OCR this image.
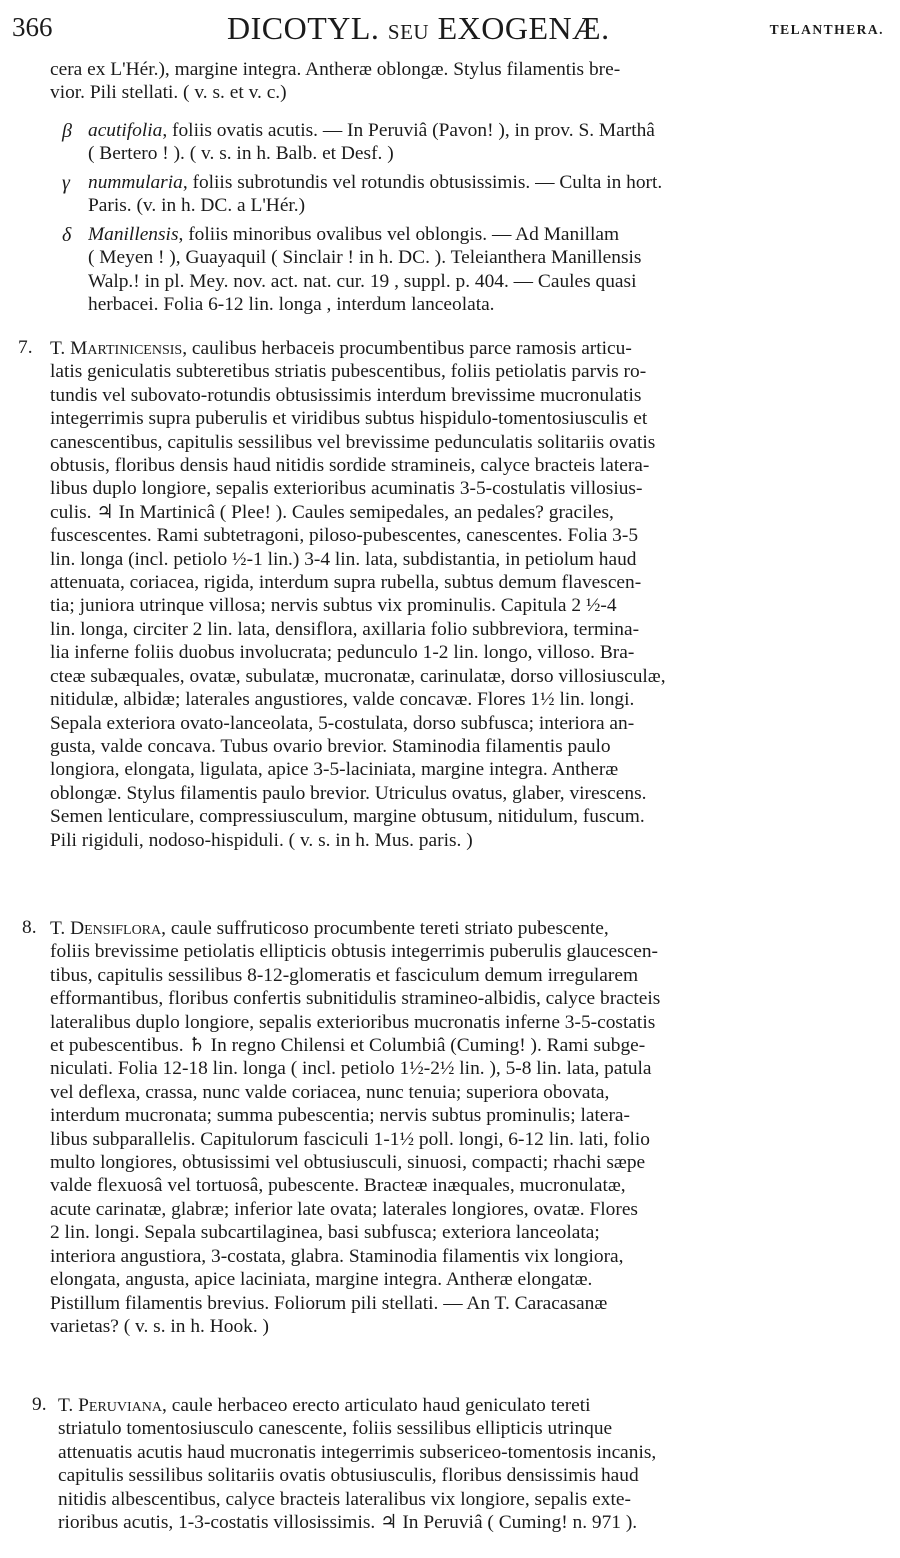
366	DICOTYL. SEU EXOGENÆ.	TELANTHERA.
cera ex L'Hér.), margine integra. Antheræ oblongæ. Stylus filamentis bre-
vior. Pili stellati. ( v. s. et v. c.)
β acutifolia, foliis ovatis acutis. — In Peruviâ (Pavon! ), in prov. S. Marthâ
( Bertero ! ). ( v. s. in h. Balb. et Desf. )
γ nummularia, foliis subrotundis vel rotundis obtusissimis. — Culta in hort.
Paris. (v. in h. DC. a L'Hér.)
δ Manillensis, foliis minoribus ovalibus vel oblongis. — Ad Manillam
( Meyen ! ), Guayaquil ( Sinclair ! in h. DC. ). Teleianthera Manillensis
Walp.! in pl. Mey. nov. act. nat. cur. 19 , suppl. p. 404. — Caules quasi
herbacei. Folia 6-12 lin. longa , interdum lanceolata.
7. T. Martinicensis, caulibus herbaceis procumbentibus parce ramosis articu-
latis geniculatis subteretibus striatis pubescentibus, foliis petiolatis parvis ro-
tundis vel subovato-rotundis obtusissimis interdum brevissime mucronulatis
integerrimis supra puberulis et viridibus subtus hispidulo-tomentosiusculis et
canescentibus, capitulis sessilibus vel brevissime pedunculatis solitariis ovatis
obtusis, floribus densis haud nitidis sordide stramineis, calyce bracteis latera-
libus duplo longiore, sepalis exterioribus acuminatis 3-5-costulatis villosius-
culis. ♃ In Martinicâ ( Plee! ). Caules semipedales, an pedales? graciles,
fuscescentes. Rami subtetragoni, piloso-pubescentes, canescentes. Folia 3-5
lin. longa (incl. petiolo ½-1 lin.) 3-4 lin. lata, subdistantia, in petiolum haud
attenuata, coriacea, rigida, interdum supra rubella, subtus demum flavescen-
tia; juniora utrinque villosa; nervis subtus vix prominulis. Capitula 2 ½-4
lin. longa, circiter 2 lin. lata, densiflora, axillaria folio subbreviora, termina-
lia inferne foliis duobus involucrata; pedunculo 1-2 lin. longo, villoso. Bra-
cteæ subæquales, ovatæ, subulatæ, mucronatæ, carinulatæ, dorso villosiusculæ,
nitidulæ, albidæ; laterales angustiores, valde concavæ. Flores 1½ lin. longi.
Sepala exteriora ovato-lanceolata, 5-costulata, dorso subfusca; interiora an-
gusta, valde concava. Tubus ovario brevior. Staminodia filamentis paulo
longiora, elongata, ligulata, apice 3-5-laciniata, margine integra. Antheræ
oblongæ. Stylus filamentis paulo brevior. Utriculus ovatus, glaber, virescens.
Semen lenticulare, compressiusculum, margine obtusum, nitidulum, fuscum.
Pili rigiduli, nodoso-hispiduli. ( v. s. in h. Mus. paris. )
8. T. Densiflora, caule suffruticoso procumbente tereti striato pubescente,
foliis brevissime petiolatis ellipticis obtusis integerrimis puberulis glaucescen-
tibus, capitulis sessilibus 8-12-glomeratis et fasciculum demum irregularem
efformantibus, floribus confertis subnitidulis stramineo-albidis, calyce bracteis
lateralibus duplo longiore, sepalis exterioribus mucronatis inferne 3-5-costatis
et pubescentibus. ♄ In regno Chilensi et Columbiâ (Cuming! ). Rami subge-
niculati. Folia 12-18 lin. longa ( incl. petiolo 1½-2½ lin. ), 5-8 lin. lata, patula
vel deflexa, crassa, nunc valde coriacea, nunc tenuia; superiora obovata,
interdum mucronata; summa pubescentia; nervis subtus prominulis; latera-
libus subparallelis. Capitulorum fasciculi 1-1½ poll. longi, 6-12 lin. lati, folio
multo longiores, obtusissimi vel obtusiusculi, sinuosi, compacti; rhachi sæpe
valde flexuosâ vel tortuosâ, pubescente. Bracteæ inæquales, mucronulatæ,
acute carinatæ, glabræ; inferior late ovata; laterales longiores, ovatæ. Flores
2 lin. longi. Sepala subcartilaginea, basi subfusca; exteriora lanceolata;
interiora angustiora, 3-costata, glabra. Staminodia filamentis vix longiora,
elongata, angusta, apice laciniata, margine integra. Antheræ elongatæ.
Pistillum filamentis brevius. Foliorum pili stellati. — An T. Caracasanæ
varietas? ( v. s. in h. Hook. )
9. T. Peruviana, caule herbaceo erecto articulato haud geniculato tereti
striatulo tomentosiusculo canescente, foliis sessilibus ellipticis utrinque
attenuatis acutis haud mucronatis integerrimis subsericeo-tomentosis incanis,
capitulis sessilibus solitariis ovatis obtusiusculis, floribus densissimis haud
nitidis albescentibus, calyce bracteis lateralibus vix longiore, sepalis exte-
rioribus acutis, 1-3-costatis villosissimis. ♃ In Peruviâ ( Cuming! n. 971 ).
